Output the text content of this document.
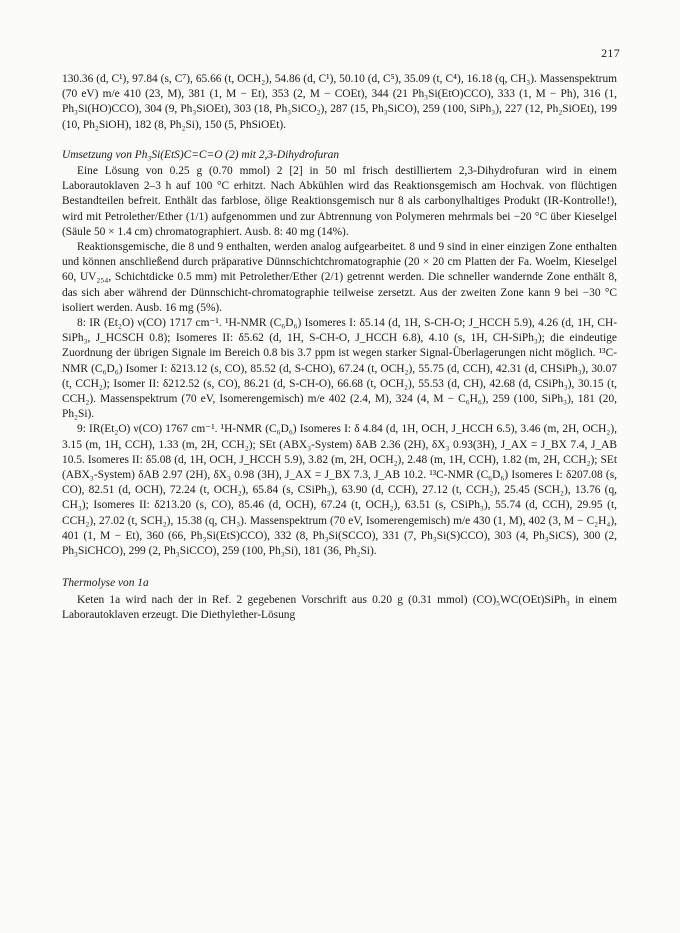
217

130.36 (d, C¹), 97.84 (s, C⁷), 65.66 (t, OCH₂), 54.86 (d, C¹), 50.10 (d, C⁵), 35.09 (t, C⁴), 16.18 (q, CH₃). Massenspektrum (70 eV) m/e 410 (23, M), 381 (1, M − Et), 353 (2, M − COEt), 344 (21 Ph₃Si(EtO)CCO), 333 (1, M − Ph), 316 (1, Ph₃Si(HO)CCO), 304 (9, Ph₃SiOEt), 303 (18, Ph₃SiCO₂), 287 (15, Ph₃SiCO), 259 (100, SiPh₃), 227 (12, Ph₂SiOEt), 199 (10, Ph₂SiOH), 182 (8, Ph₂Si), 150 (5, PhSiOEt).

Umsetzung von Ph₃Si(EtS)C=C=O (2) mit 2,3-Dihydrofuran

Eine Lösung von 0.25 g (0.70 mmol) 2 [2] in 50 ml frisch destilliertem 2,3-Dihydrofuran wird in einem Laborautoklaven 2–3 h auf 100 °C erhitzt. Nach Abkühlen wird das Reaktionsgemisch am Hochvak. von flüchtigen Bestandteilen befreit. Enthält das farblose, ölige Reaktionsgemisch nur 8 als carbonylhaltiges Produkt (IR-Kontrolle!), wird mit Petrolether/Ether (1/1) aufgenommen und zur Abtrennung von Polymeren mehrmals bei −20 °C über Kieselgel (Säule 50 × 1.4 cm) chromatographiert. Ausb. 8: 40 mg (14%).

Reaktionsgemische, die 8 und 9 enthalten, werden analog aufgearbeitet. 8 und 9 sind in einer einzigen Zone enthalten und können anschließend durch präparative Dünnschichtchromatographie (20 × 20 cm Platten der Fa. Woelm, Kieselgel 60, UV₂₅₄, Schichtdicke 0.5 mm) mit Petrolether/Ether (2/1) getrennt werden. Die schneller wandernde Zone enthält 8, das sich aber während der Dünnschicht-chromatographie teilweise zersetzt. Aus der zweiten Zone kann 9 bei −30 °C isoliert werden. Ausb. 16 mg (5%).

8: IR (Et₂O) ν(CO) 1717 cm⁻¹. ¹H-NMR (C₆D₆) Isomeres I: δ5.14 (d, 1H, S-CH-O; J_HCCH 5.9), 4.26 (d, 1H, CH-SiPh₃, J_HCSCH 0.8); Isomeres II: δ5.62 (d, 1H, S-CH-O, J_HCCH 6.8), 4.10 (s, 1H, CH-SiPh₃); die eindeutige Zuordnung der übrigen Signale im Bereich 0.8 bis 3.7 ppm ist wegen starker Signal-Überlagerungen nicht möglich. ¹³C-NMR (C₆D₆) Isomer I: δ213.12 (s, CO), 85.52 (d, S-CHO), 67.24 (t, OCH₂), 55.75 (d, CCH), 42.31 (d, CHSiPh₃), 30.07 (t, CCH₂); Isomer II: δ212.52 (s, CO), 86.21 (d, S-CH-O), 66.68 (t, OCH₂), 55.53 (d, CH), 42.68 (d, CSiPh₃), 30.15 (t, CCH₂). Massenspektrum (70 eV, Isomerengemisch) m/e 402 (2.4, M), 324 (4, M − C₆H₆), 259 (100, SiPh₃), 181 (20, Ph₂Si).

9: IR(Et₂O) ν(CO) 1767 cm⁻¹. ¹H-NMR (C₆D₆) Isomeres I: δ 4.84 (d, 1H, OCH, J_HCCH 6.5), 3.46 (m, 2H, OCH₂), 3.15 (m, 1H, CCH), 1.33 (m, 2H, CCH₂); SEt (ABX₃-System) δAB 2.36 (2H), δX₃ 0.93(3H), J_AX = J_BX 7.4, J_AB 10.5. Isomeres II: δ5.08 (d, 1H, OCH, J_HCCH 5.9), 3.82 (m, 2H, OCH₂), 2.48 (m, 1H, CCH), 1.82 (m, 2H, CCH₂); SEt (ABX₃-System) δAB 2.97 (2H), δX₃ 0.98 (3H), J_AX = J_BX 7.3, J_AB 10.2. ¹³C-NMR (C₆D₆) Isomeres I: δ207.08 (s, CO), 82.51 (d, OCH), 72.24 (t, OCH₂), 65.84 (s, CSiPh₃), 63.90 (d, CCH), 27.12 (t, CCH₂), 25.45 (SCH₂), 13.76 (q, CH₃); Isomeres II: δ213.20 (s, CO), 85.46 (d, OCH), 67.24 (t, OCH₂), 63.51 (s, CSiPh₃), 55.74 (d, CCH), 29.95 (t, CCH₂), 27.02 (t, SCH₂), 15.38 (q, CH₃). Massenspektrum (70 eV, Isomerengemisch) m/e 430 (1, M), 402 (3, M − C₂H₄), 401 (1, M − Et), 360 (66, Ph₃Si(EtS)CCO), 332 (8, Ph₃Si(SCCO), 331 (7, Ph₃Si(S)CCO), 303 (4, Ph₃SiCS), 300 (2, Ph₃SiCHCO), 299 (2, Ph₃SiCCO), 259 (100, Ph₃Si), 181 (36, Ph₂Si).

Thermolyse von 1a

Keten 1a wird nach der in Ref. 2 gegebenen Vorschrift aus 0.20 g (0.31 mmol) (CO)₅WC(OEt)SiPh₃ in einem Laborautoklaven erzeugt. Die Diethylether-Lösung
